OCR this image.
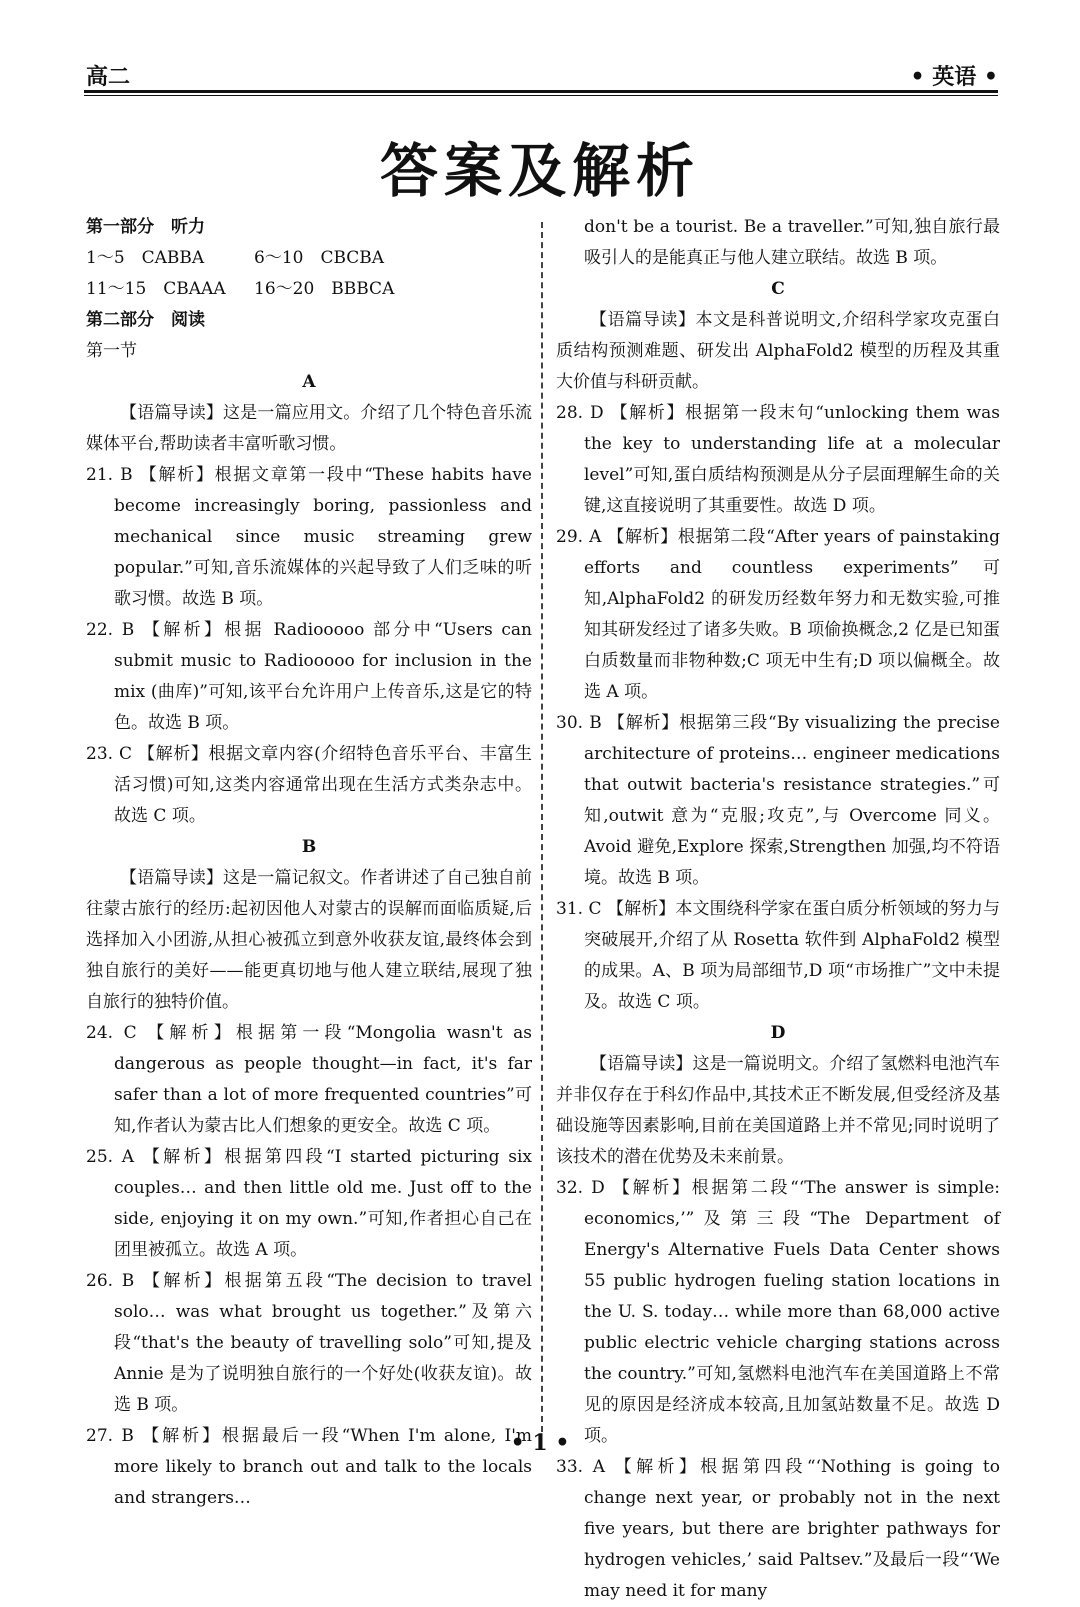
高二	• 英语 •
答案及解析

第一部分　听力

1～5　CABBA	6～10　CBCBA
11～15　CBAAA	16～20　BBBCA

第二部分　阅读

第一节

A

【语篇导读】这是一篇应用文。介绍了几个特色音乐流媒体平台,帮助读者丰富听歌习惯。

21. B 【解析】根据文章第一段中“These habits have become increasingly boring, passionless and mechanical since music streaming grew popular.”可知,音乐流媒体的兴起导致了人们乏味的听歌习惯。故选 B 项。

22. B 【解析】根据 Radiooooo 部分中“Users can submit music to Radiooooo for inclusion in the mix (曲库)”可知,该平台允许用户上传音乐,这是它的特色。故选 B 项。

23. C 【解析】根据文章内容(介绍特色音乐平台、丰富生活习惯)可知,这类内容通常出现在生活方式类杂志中。故选 C 项。

B

【语篇导读】这是一篇记叙文。作者讲述了自己独自前往蒙古旅行的经历:起初因他人对蒙古的误解而面临质疑,后选择加入小团游,从担心被孤立到意外收获友谊,最终体会到独自旅行的美好——能更真切地与他人建立联结,展现了独自旅行的独特价值。

24. C 【解析】根据第一段“Mongolia wasn't as dangerous as people thought—in fact, it's far safer than a lot of more frequented countries”可知,作者认为蒙古比人们想象的更安全。故选 C 项。

25. A 【解析】根据第四段“I started picturing six couples… and then little old me. Just off to the side, enjoying it on my own.”可知,作者担心自己在团里被孤立。故选 A 项。

26. B 【解析】根据第五段“The decision to travel solo… was what brought us together.”及第六段“that's the beauty of travelling solo”可知,提及 Annie 是为了说明独自旅行的一个好处(收获友谊)。故选 B 项。

27. B 【解析】根据最后一段“When I'm alone, I'm more likely to branch out and talk to the locals and strangers…

don't be a tourist. Be a traveller.”可知,独自旅行最吸引人的是能真正与他人建立联结。故选 B 项。

C

【语篇导读】本文是科普说明文,介绍科学家攻克蛋白质结构预测难题、研发出 AlphaFold2 模型的历程及其重大价值与科研贡献。

28. D 【解析】根据第一段末句“unlocking them was the key to understanding life at a molecular level”可知,蛋白质结构预测是从分子层面理解生命的关键,这直接说明了其重要性。故选 D 项。

29. A 【解析】根据第二段“After years of painstaking efforts and countless experiments”可知,AlphaFold2 的研发历经数年努力和无数实验,可推知其研发经过了诸多失败。B 项偷换概念,2 亿是已知蛋白质数量而非物种数;C 项无中生有;D 项以偏概全。故选 A 项。

30. B 【解析】根据第三段“By visualizing the precise architecture of proteins… engineer medications that outwit bacteria's resistance strategies.”可知,outwit 意为“克服;攻克”,与 Overcome 同义。Avoid 避免,Explore 探索,Strengthen 加强,均不符语境。故选 B 项。

31. C 【解析】本文围绕科学家在蛋白质分析领域的努力与突破展开,介绍了从 Rosetta 软件到 AlphaFold2 模型的成果。A、B 项为局部细节,D 项“市场推广”文中未提及。故选 C 项。

D

【语篇导读】这是一篇说明文。介绍了氢燃料电池汽车并非仅存在于科幻作品中,其技术正不断发展,但受经济及基础设施等因素影响,目前在美国道路上并不常见;同时说明了该技术的潜在优势及未来前景。

32. D 【解析】根据第二段“‘The answer is simple: economics,’”及第三段“The Department of Energy's Alternative Fuels Data Center shows 55 public hydrogen fueling station locations in the U. S. today… while more than 68,000 active public electric vehicle charging stations across the country.”可知,氢燃料电池汽车在美国道路上不常见的原因是经济成本较高,且加氢站数量不足。故选 D 项。

33. A 【解析】根据第四段“‘Nothing is going to change next year, or probably not in the next five years, but there are brighter pathways for hydrogen vehicles,’ said Paltsev.”及最后一段“‘We may need it for many

• 1 •
